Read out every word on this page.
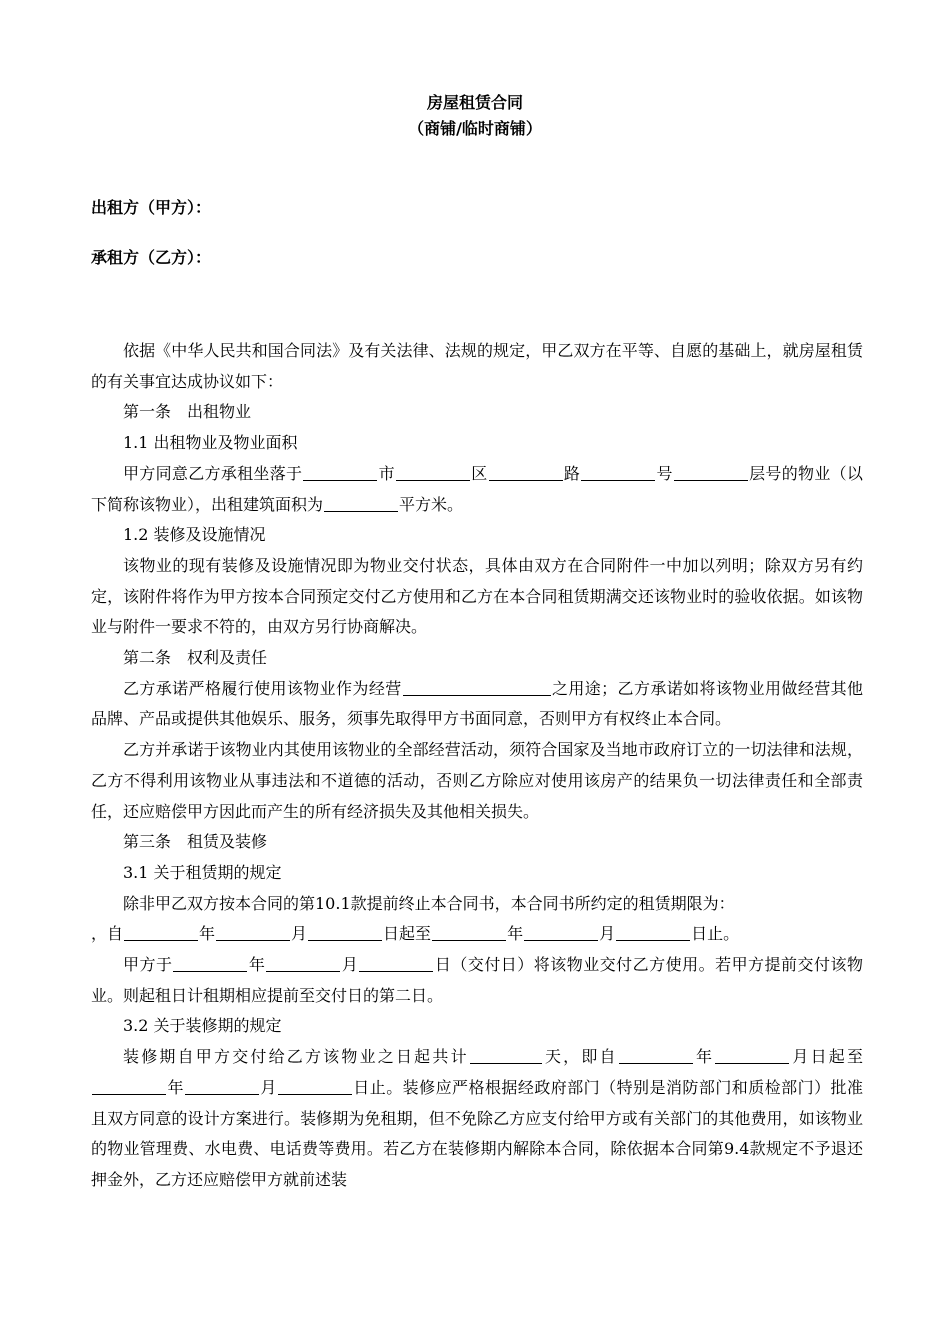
房屋租赁合同
（商铺/临时商铺）
出租方（甲方）：
承租方（乙方）：

依据《中华人民共和国合同法》及有关法律、法规的规定，甲乙双方在平等、自愿的基础上，就房屋租赁的有关事宜达成协议如下：

第一条　出租物业

1.1 出租物业及物业面积

甲方同意乙方承租坐落于	市	区	路	号	层号的物业（以下简称该物业），出租建筑面积为	平方米。

1.2 装修及设施情况

该物业的现有装修及设施情况即为物业交付状态，具体由双方在合同附件一中加以列明；除双方另有约定，该附件将作为甲方按本合同预定交付乙方使用和乙方在本合同租赁期满交还该物业时的验收依据。如该物业与附件一要求不符的，由双方另行协商解决。

第二条　权利及责任

乙方承诺严格履行使用该物业作为经营	之用途；乙方承诺如将该物业用做经营其他品牌、产品或提供其他娱乐、服务，须事先取得甲方书面同意，否则甲方有权终止本合同。

乙方并承诺于该物业内其使用该物业的全部经营活动，须符合国家及当地市政府订立的一切法律和法规，乙方不得利用该物业从事违法和不道德的活动，否则乙方除应对使用该房产的结果负一切法律责任和全部责任，还应赔偿甲方因此而产生的所有经济损失及其他相关损失。

第三条　租赁及装修

3.1 关于租赁期的规定

除非甲乙双方按本合同的第10.1款提前终止本合同书，本合同书所约定的租赁期限为：

，自	年	月	日起至	年	月	日止。

甲方于	年	月	日（交付日）将该物业交付乙方使用。若甲方提前交付该物业。则起租日计租期相应提前至交付日的第二日。

3.2 关于装修期的规定

装修期自甲方交付给乙方该物业之日起共计	天，即自	年	月日起至年	月	日止。装修应严格根据经政府部门（特别是消防部门和质检部门）批准且双方同意的设计方案进行。装修期为免租期，但不免除乙方应支付给甲方或有关部门的其他费用，如该物业的物业管理费、水电费、电话费等费用。若乙方在装修期内解除本合同，除依据本合同第9.4款规定不予退还押金外，乙方还应赔偿甲方就前述装
